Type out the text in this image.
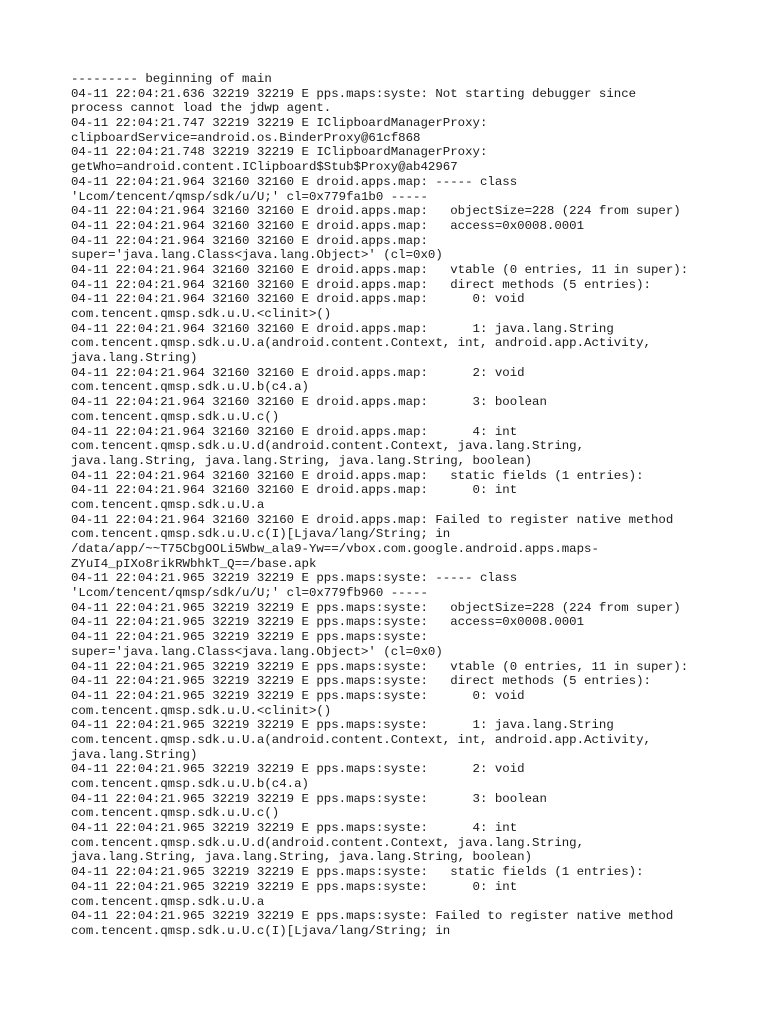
--------- beginning of main
04-11 22:04:21.636 32219 32219 E pps.maps:syste: Not starting debugger since
process cannot load the jdwp agent.
04-11 22:04:21.747 32219 32219 E IClipboardManagerProxy:
clipboardService=android.os.BinderProxy@61cf868
04-11 22:04:21.748 32219 32219 E IClipboardManagerProxy:
getWho=android.content.IClipboard$Stub$Proxy@ab42967
04-11 22:04:21.964 32160 32160 E droid.apps.map: ----- class
'Lcom/tencent/qmsp/sdk/u/U;' cl=0x779fa1b0 -----
04-11 22:04:21.964 32160 32160 E droid.apps.map:   objectSize=228 (224 from super)
04-11 22:04:21.964 32160 32160 E droid.apps.map:   access=0x0008.0001
04-11 22:04:21.964 32160 32160 E droid.apps.map:
super='java.lang.Class<java.lang.Object>' (cl=0x0)
04-11 22:04:21.964 32160 32160 E droid.apps.map:   vtable (0 entries, 11 in super):
04-11 22:04:21.964 32160 32160 E droid.apps.map:   direct methods (5 entries):
04-11 22:04:21.964 32160 32160 E droid.apps.map:      0: void
com.tencent.qmsp.sdk.u.U.<clinit>()
04-11 22:04:21.964 32160 32160 E droid.apps.map:      1: java.lang.String
com.tencent.qmsp.sdk.u.U.a(android.content.Context, int, android.app.Activity,
java.lang.String)
04-11 22:04:21.964 32160 32160 E droid.apps.map:      2: void
com.tencent.qmsp.sdk.u.U.b(c4.a)
04-11 22:04:21.964 32160 32160 E droid.apps.map:      3: boolean
com.tencent.qmsp.sdk.u.U.c()
04-11 22:04:21.964 32160 32160 E droid.apps.map:      4: int
com.tencent.qmsp.sdk.u.U.d(android.content.Context, java.lang.String,
java.lang.String, java.lang.String, java.lang.String, boolean)
04-11 22:04:21.964 32160 32160 E droid.apps.map:   static fields (1 entries):
04-11 22:04:21.964 32160 32160 E droid.apps.map:      0: int
com.tencent.qmsp.sdk.u.U.a
04-11 22:04:21.964 32160 32160 E droid.apps.map: Failed to register native method
com.tencent.qmsp.sdk.u.U.c(I)[Ljava/lang/String; in
/data/app/~~T75CbgOOLi5Wbw_ala9-Yw==/vbox.com.google.android.apps.maps-
ZYuI4_pIXo8rikRWbhkT_Q==/base.apk
04-11 22:04:21.965 32219 32219 E pps.maps:syste: ----- class
'Lcom/tencent/qmsp/sdk/u/U;' cl=0x779fb960 -----
04-11 22:04:21.965 32219 32219 E pps.maps:syste:   objectSize=228 (224 from super)
04-11 22:04:21.965 32219 32219 E pps.maps:syste:   access=0x0008.0001
04-11 22:04:21.965 32219 32219 E pps.maps:syste:
super='java.lang.Class<java.lang.Object>' (cl=0x0)
04-11 22:04:21.965 32219 32219 E pps.maps:syste:   vtable (0 entries, 11 in super):
04-11 22:04:21.965 32219 32219 E pps.maps:syste:   direct methods (5 entries):
04-11 22:04:21.965 32219 32219 E pps.maps:syste:      0: void
com.tencent.qmsp.sdk.u.U.<clinit>()
04-11 22:04:21.965 32219 32219 E pps.maps:syste:      1: java.lang.String
com.tencent.qmsp.sdk.u.U.a(android.content.Context, int, android.app.Activity,
java.lang.String)
04-11 22:04:21.965 32219 32219 E pps.maps:syste:      2: void
com.tencent.qmsp.sdk.u.U.b(c4.a)
04-11 22:04:21.965 32219 32219 E pps.maps:syste:      3: boolean
com.tencent.qmsp.sdk.u.U.c()
04-11 22:04:21.965 32219 32219 E pps.maps:syste:      4: int
com.tencent.qmsp.sdk.u.U.d(android.content.Context, java.lang.String,
java.lang.String, java.lang.String, java.lang.String, boolean)
04-11 22:04:21.965 32219 32219 E pps.maps:syste:   static fields (1 entries):
04-11 22:04:21.965 32219 32219 E pps.maps:syste:      0: int
com.tencent.qmsp.sdk.u.U.a
04-11 22:04:21.965 32219 32219 E pps.maps:syste: Failed to register native method
com.tencent.qmsp.sdk.u.U.c(I)[Ljava/lang/String; in
